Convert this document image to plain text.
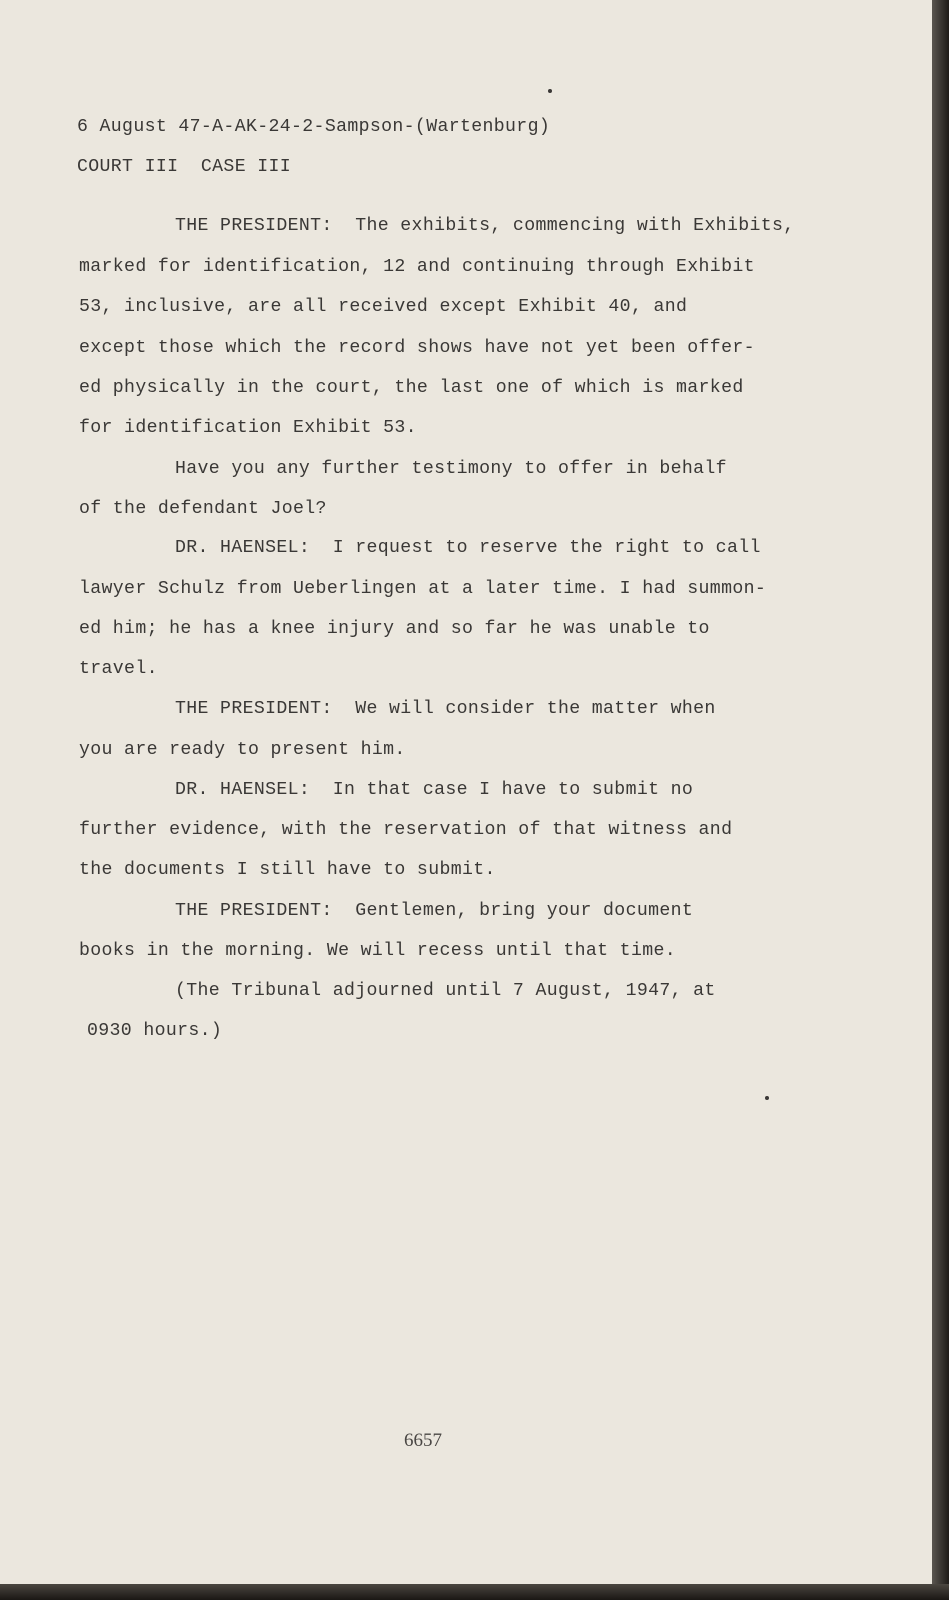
6 August 47-A-AK-24-2-Sampson-(Wartenburg)
COURT III  CASE III
THE PRESIDENT:  The exhibits, commencing with Exhibits,
marked for identification, 12 and continuing through Exhibit
53, inclusive, are all received except Exhibit 40, and
except those which the record shows have not yet been offer-
ed physically in the court, the last one of which is marked
for identification Exhibit 53.
Have you any further testimony to offer in behalf
of the defendant Joel?
DR. HAENSEL:  I request to reserve the right to call
lawyer Schulz from Ueberlingen at a later time. I had summon-
ed him; he has a knee injury and so far he was unable to
travel.
THE PRESIDENT:  We will consider the matter when
you are ready to present him.
DR. HAENSEL:  In that case I have to submit no
further evidence, with the reservation of that witness and
the documents I still have to submit.
THE PRESIDENT:  Gentlemen, bring your document
books in the morning. We will recess until that time.
(The Tribunal adjourned until 7 August, 1947, at
0930 hours.)
6657
